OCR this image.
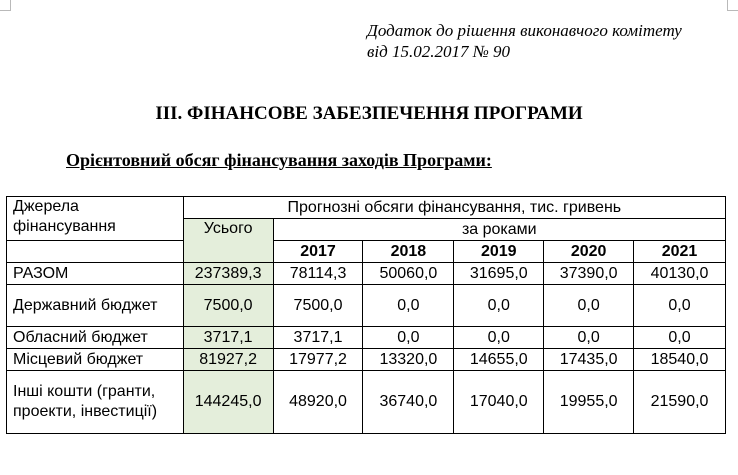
Додаток до рішення виконавчого комітету
від 15.02.2017 № 90
ІІІ. ФІНАНСОВЕ ЗАБЕЗПЕЧЕННЯ ПРОГРАМИ
Орієнтовний обсяг фінансування заходів Програми:
Джерела фінансування	Прогнозні обсяги фінансування, тис. гривень					
	Усього	за роками				
		2017	2018	2019	2020	2021
РАЗОМ	237389,3	78114,3	50060,0	31695,0	37390,0	40130,0
Державний бюджет	7500,0	7500,0	0,0	0,0	0,0	0,0
Обласний бюджет	3717,1	3717,1	0,0	0,0	0,0	0,0
Місцевий бюджет	81927,2	17977,2	13320,0	14655,0	17435,0	18540,0
Інші кошти (гранти, проекти, інвестиції)	144245,0	48920,0	36740,0	17040,0	19955,0	21590,0
